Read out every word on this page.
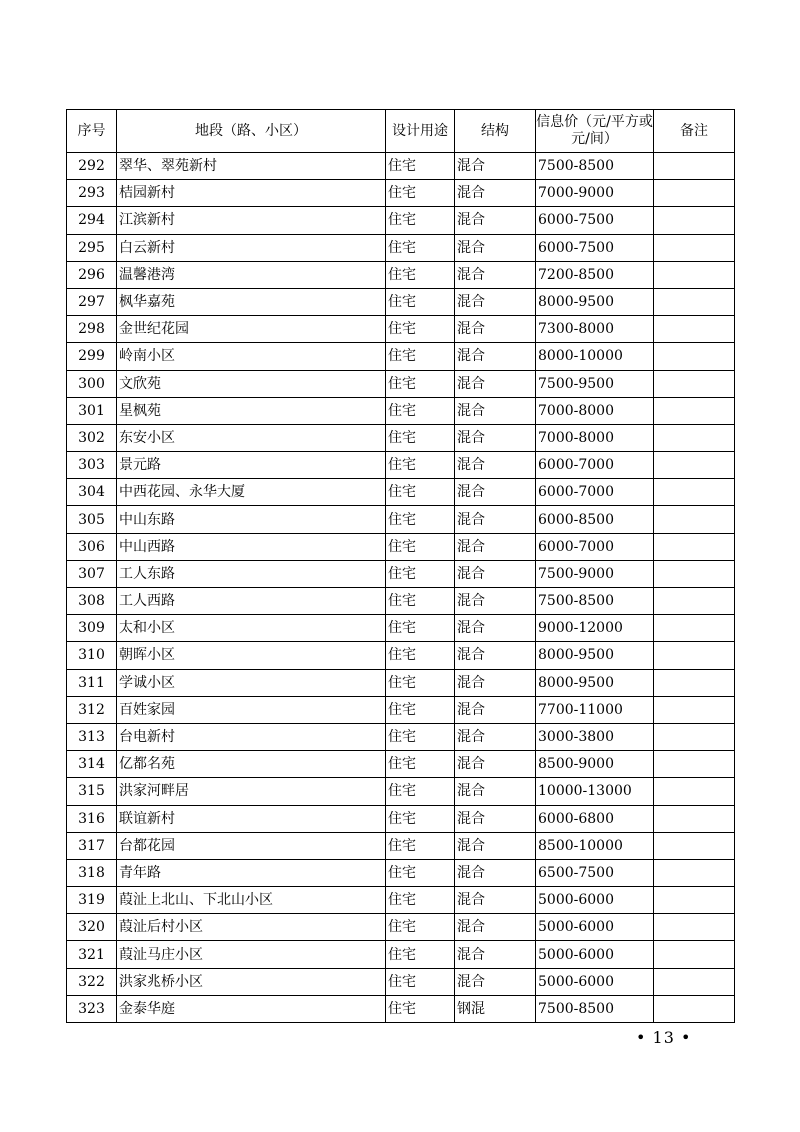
序号	地段（路、小区）	设计用途	结构	信息价（元/平方或元/间）	备注
292	翠华、翠苑新村	住宅	混合	7500-8500	
293	桔园新村	住宅	混合	7000-9000	
294	江滨新村	住宅	混合	6000-7500	
295	白云新村	住宅	混合	6000-7500	
296	温馨港湾	住宅	混合	7200-8500	
297	枫华嘉苑	住宅	混合	8000-9500	
298	金世纪花园	住宅	混合	7300-8000	
299	岭南小区	住宅	混合	8000-10000	
300	文欣苑	住宅	混合	7500-9500	
301	星枫苑	住宅	混合	7000-8000	
302	东安小区	住宅	混合	7000-8000	
303	景元路	住宅	混合	6000-7000	
304	中西花园、永华大厦	住宅	混合	6000-7000	
305	中山东路	住宅	混合	6000-8500	
306	中山西路	住宅	混合	6000-7000	
307	工人东路	住宅	混合	7500-9000	
308	工人西路	住宅	混合	7500-8500	
309	太和小区	住宅	混合	9000-12000	
310	朝晖小区	住宅	混合	8000-9500	
311	学诚小区	住宅	混合	8000-9500	
312	百姓家园	住宅	混合	7700-11000	
313	台电新村	住宅	混合	3000-3800	
314	亿都名苑	住宅	混合	8500-9000	
315	洪家河畔居	住宅	混合	10000-13000	
316	联谊新村	住宅	混合	6000-6800	
317	台都花园	住宅	混合	8500-10000	
318	青年路	住宅	混合	6500-7500	
319	葭沚上北山、下北山小区	住宅	混合	5000-6000	
320	葭沚后村小区	住宅	混合	5000-6000	
321	葭沚马庄小区	住宅	混合	5000-6000	
322	洪家兆桥小区	住宅	混合	5000-6000	
323	金泰华庭	住宅	钢混	7500-8500	
• 13 •
